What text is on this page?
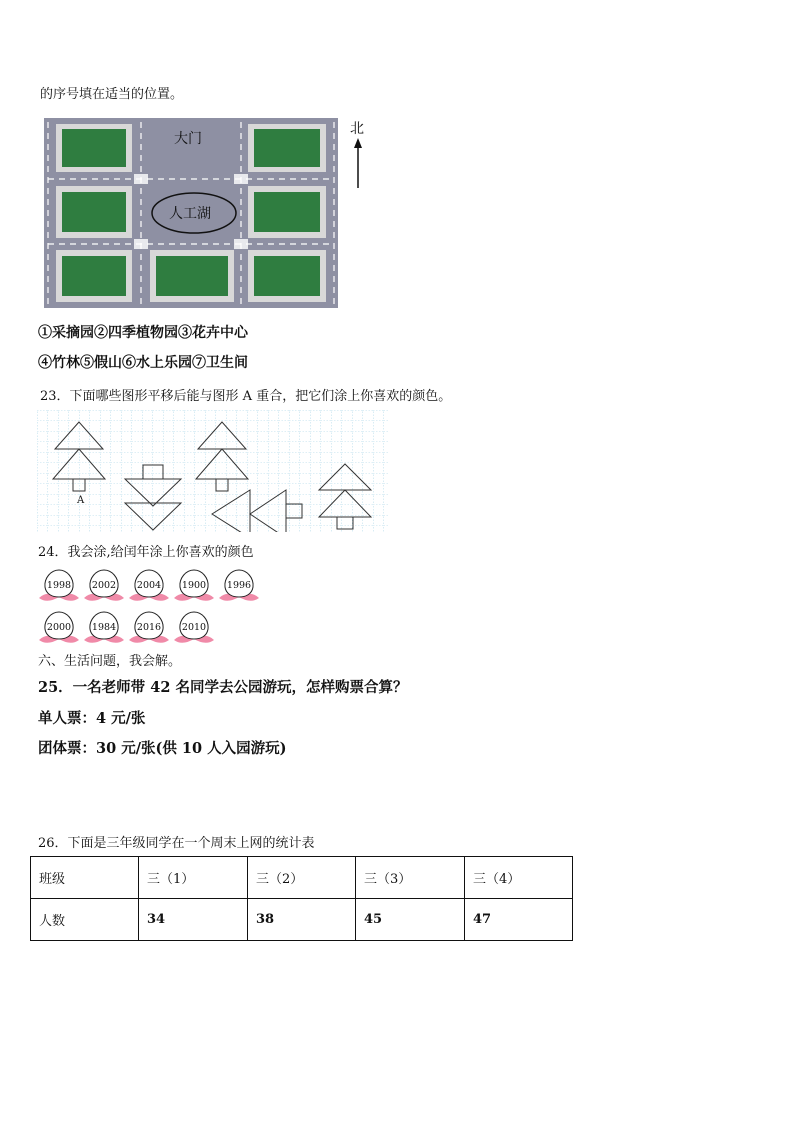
的序号填在适当的位置。
大门
人工湖
北
①采摘园②四季植物园③花卉中心
④竹林⑤假山⑥水上乐园⑦卫生间
23．下面哪些图形平移后能与图形 A 重合，把它们涂上你喜欢的颜色。
A
24．我会涂,给闰年涂上你喜欢的颜色
1998 2002 2004 1900 1996
2000 1984 2016 2010
六、生活问题，我会解。
25．一名老师带 42 名同学去公园游玩，怎样购票合算？
单人票：4 元/张
团体票：30 元/张(供 10 人入园游玩)
26．下面是三年级同学在一个周末上网的统计表
班级	三（1）	三（2）	三（3）	三（4）
人数	34	38	45	47
